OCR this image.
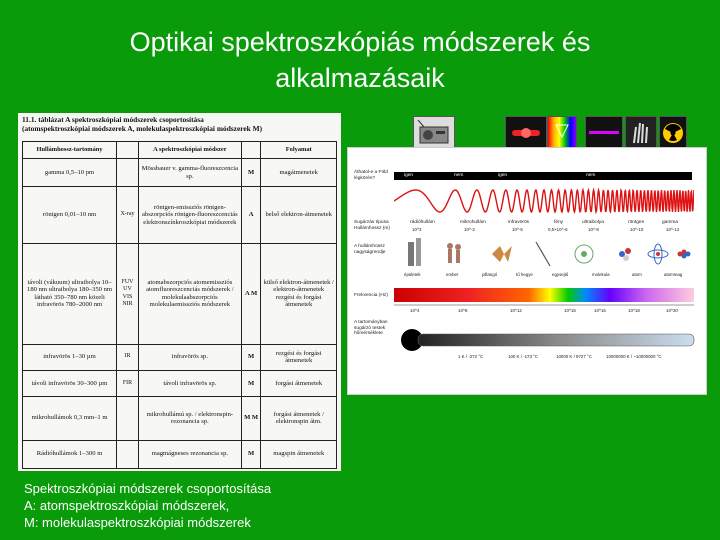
Optikai spektroszkópiás módszerek és
alkalmazásaik
11.1. táblázat A spektroszkópiai módszerek csoportosítása
(atomspektroszkópiai módszerek A, molekulaspektroszkópiai módszerek M)
Hullámhossz-tartomány		A spektroszkópiai módszer		Folyamat
gamma 0,5–10 pm		Mössbauer v. gamma-fluoreszcencia sp.	M	magátmenetek
röntgen 0,01–10 nm	X-ray	röntgen-emissziós röntgen-abszorpciós röntgen-fluoreszcenciás elektronszínkroszkópiai módszerek	A	belső elektron-átmenetek
távoli (vákuum) ultraibolya 10–180 nm ultraibolya 180–350 nm látható 350–780 nm közeli infravörös 780–2000 nm	FUV UV VIS NIR	atomabszorpciós atomemissziós atomfluoreszcenciás módszerek / molekulaabszorpciós molekulaemissziós módszerek	A M	külső elektron-átmenetek / elektron-átmenetek rezgési és forgási átmenetek
infravörös 1–30 µm	IR	infravörös sp.	M	rezgési és forgási átmenetek
távoli infravörös 30–300 µm	FIR	távoli infravörös sp.	M	forgási átmenetek
mikrohullámok 0,3 mm–1 m		mikrohullámú sp. / elektronspin-rezonancia sp.	M M	forgási átmenetek / elektronspin átm.
Rádióhullámok 1–300 m		magmágneses rezonancia sp.	M	magspin átmenetek
Áthatol-e a Föld légkörén?	igen	nem	igen	nem
Sugárzás típusa
Hullámhossz (m)
rádióhullám	mikrohullám	infravörös	fény	ultraibolya	röntgen	gamma
10^3	10^-2	10^-5	0,5×10^-6	10^-8	10^-10	10^-12
A hullámhossz nagyságrendje
épületek	ember	pillangó	tű hegye	egysejtű	molekula	atom	atommag
Frekvencia (Hz)
10^4	10^8	10^12	10^15	10^16	10^18	10^20
A tartományban sugárzó testek hőmérséklete
1 K / -272 °C	100 K / -173 °C	10000 K / 9727 °C	10000000 K / ~10000000 °C
Spektroszkópiai módszerek csoportosítása
A: atomspektroszkópiai módszerek,
M: molekulaspektroszkópiai módszerek
